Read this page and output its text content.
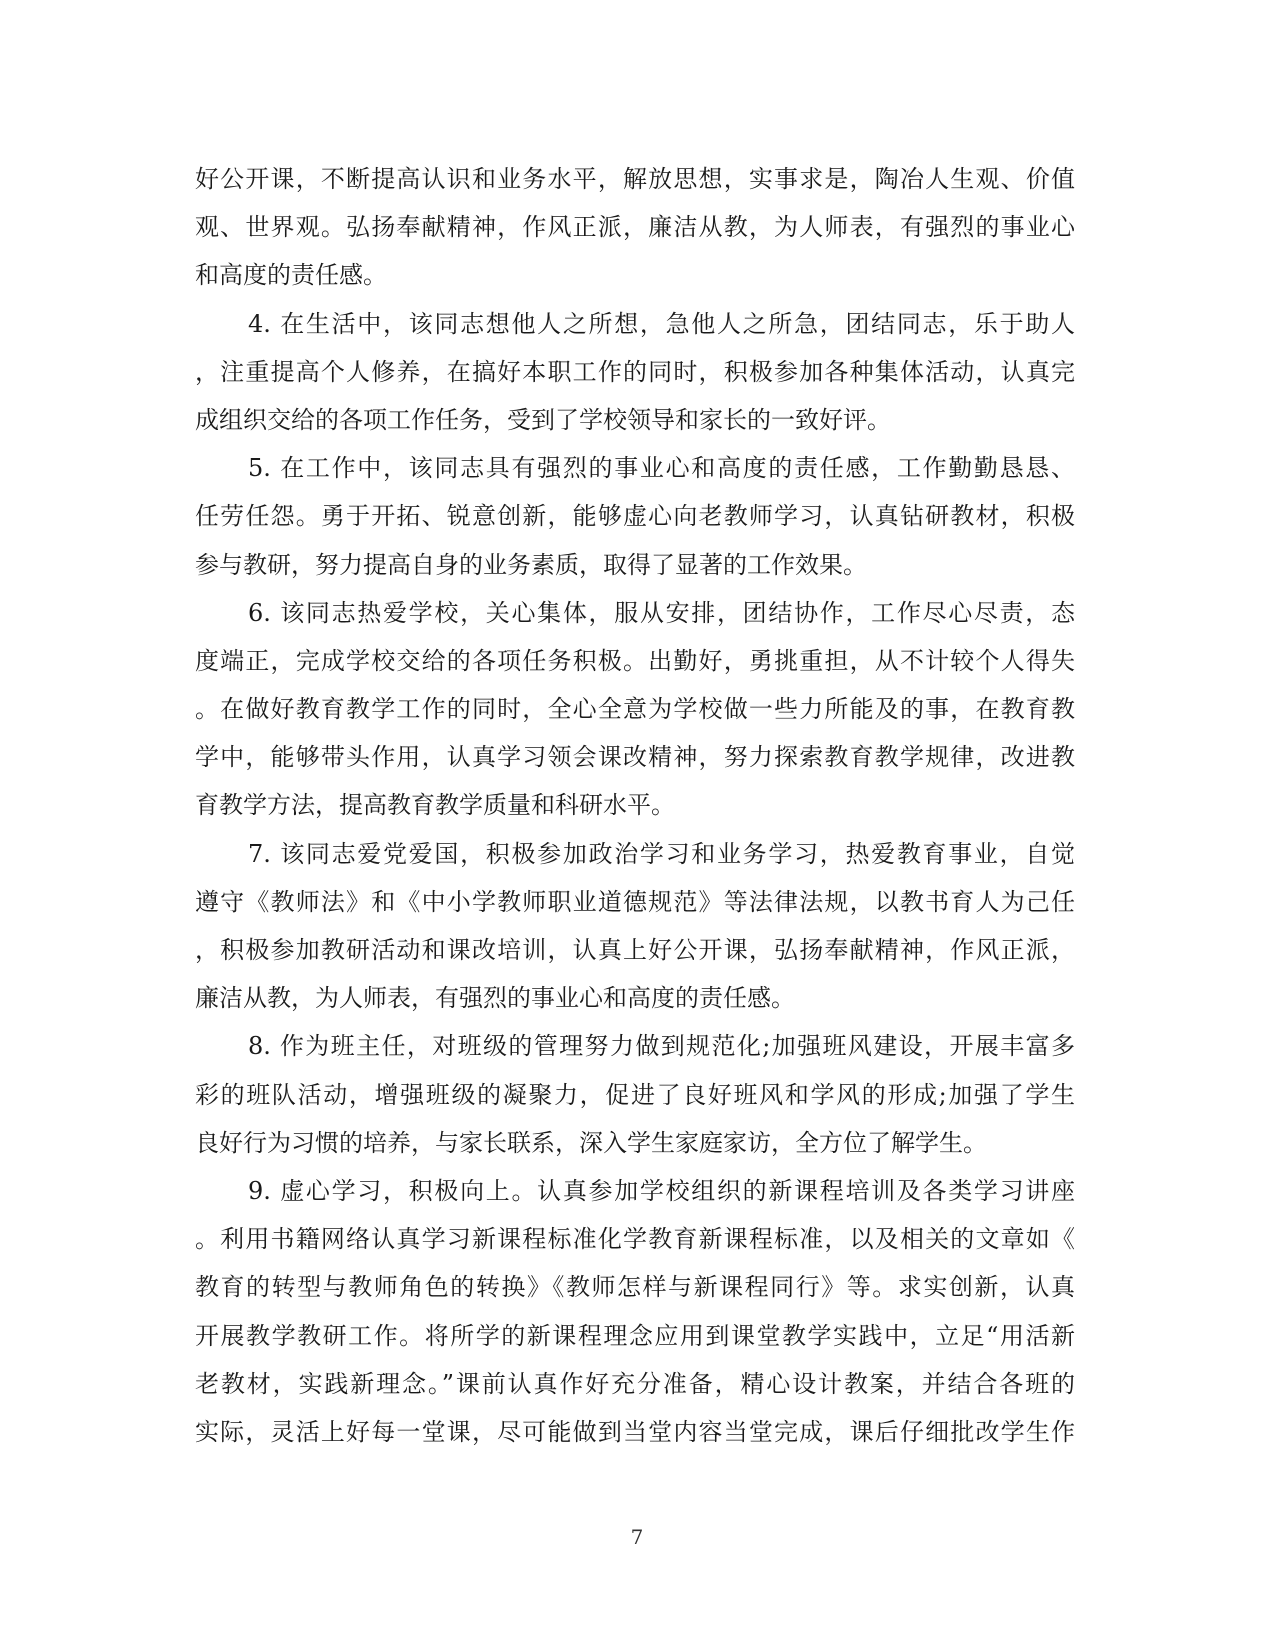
好公开课，不断提高认识和业务水平，解放思想，实事求是，陶冶人生观、价值
观、世界观。弘扬奉献精神，作风正派，廉洁从教，为人师表，有强烈的事业心
和高度的责任感。
4. 在生活中，该同志想他人之所想，急他人之所急，团结同志，乐于助人
，注重提高个人修养，在搞好本职工作的同时，积极参加各种集体活动，认真完
成组织交给的各项工作任务，受到了学校领导和家长的一致好评。
5. 在工作中，该同志具有强烈的事业心和高度的责任感，工作勤勤恳恳、
任劳任怨。勇于开拓、锐意创新，能够虚心向老教师学习，认真钻研教材，积极
参与教研，努力提高自身的业务素质，取得了显著的工作效果。
6. 该同志热爱学校，关心集体，服从安排，团结协作，工作尽心尽责，态
度端正，完成学校交给的各项任务积极。出勤好，勇挑重担，从不计较个人得失
。在做好教育教学工作的同时，全心全意为学校做一些力所能及的事，在教育教
学中，能够带头作用，认真学习领会课改精神，努力探索教育教学规律，改进教
育教学方法，提高教育教学质量和科研水平。
7. 该同志爱党爱国，积极参加政治学习和业务学习，热爱教育事业，自觉
遵守《教师法》和《中小学教师职业道德规范》等法律法规，以教书育人为己任
，积极参加教研活动和课改培训，认真上好公开课，弘扬奉献精神，作风正派，
廉洁从教，为人师表，有强烈的事业心和高度的责任感。
8. 作为班主任，对班级的管理努力做到规范化;加强班风建设，开展丰富多
彩的班队活动，增强班级的凝聚力，促进了良好班风和学风的形成;加强了学生
良好行为习惯的培养，与家长联系，深入学生家庭家访，全方位了解学生。
9. 虚心学习，积极向上。认真参加学校组织的新课程培训及各类学习讲座
。利用书籍网络认真学习新课程标准化学教育新课程标准，以及相关的文章如《
教育的转型与教师角色的转换》《教师怎样与新课程同行》等。求实创新，认真
开展教学教研工作。将所学的新课程理念应用到课堂教学实践中，立足“用活新
老教材，实践新理念。”课前认真作好充分准备，精心设计教案，并结合各班的
实际，灵活上好每一堂课，尽可能做到当堂内容当堂完成，课后仔细批改学生作
7
